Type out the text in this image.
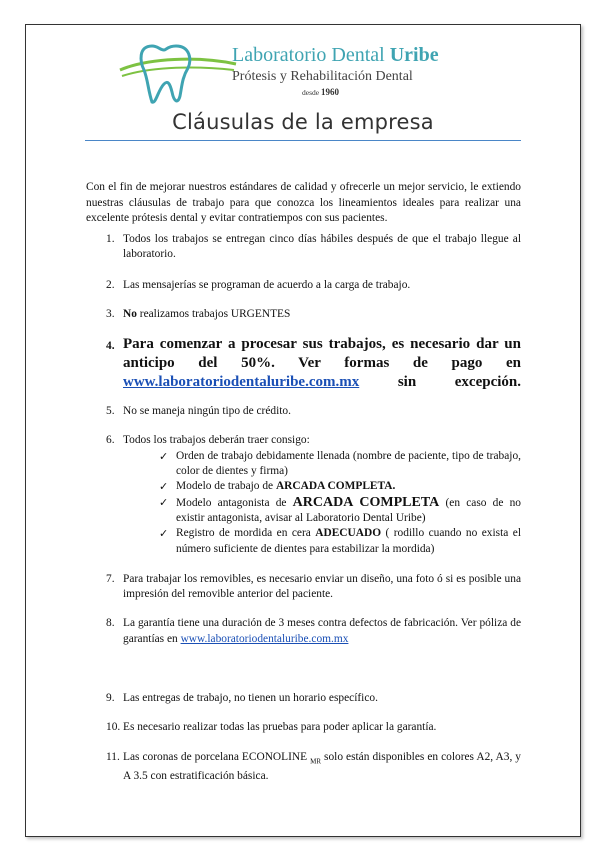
Laboratorio Dental Uribe
Prótesis y Rehabilitación Dental
desde 1960
Cláusulas de la empresa

Con el fin de mejorar nuestros estándares de calidad y ofrecerle un mejor servicio, le extiendo nuestras cláusulas de trabajo para que conozca los lineamientos ideales para realizar una excelente prótesis dental y evitar contratiempos con sus pacientes.

1. Todos los trabajos se entregan cinco días hábiles después de que el trabajo llegue al laboratorio.
2. Las mensajerías se programan de acuerdo a la carga de trabajo.
3. No realizamos trabajos URGENTES
4. Para comenzar a procesar sus trabajos, es necesario dar un anticipo del 50%. Ver formas de pago en www.laboratoriodentaluribe.com.mx sin excepción.
5. No se maneja ningún tipo de crédito.
6. Todos los trabajos deberán traer consigo:
✓ Orden de trabajo debidamente llenada (nombre de paciente, tipo de trabajo, color de dientes y firma)
✓ Modelo de trabajo de ARCADA COMPLETA.
✓ Modelo antagonista de ARCADA COMPLETA (en caso de no existir antagonista, avisar al Laboratorio Dental Uribe)
✓ Registro de mordida en cera ADECUADO ( rodillo cuando no exista el número suficiente de dientes para estabilizar la mordida)
7. Para trabajar los removibles, es necesario enviar un diseño, una foto ó si es posible una impresión del removible anterior del paciente.
8. La garantía tiene una duración de 3 meses contra defectos de fabricación. Ver póliza de garantías en www.laboratoriodentaluribe.com.mx
9. Las entregas de trabajo, no tienen un horario específico.
10. Es necesario realizar todas las pruebas para poder aplicar la garantía.
11. Las coronas de porcelana ECONOLINE $_{MR}$ solo están disponibles en colores A2, A3, y A 3.5 con estratificación básica.
